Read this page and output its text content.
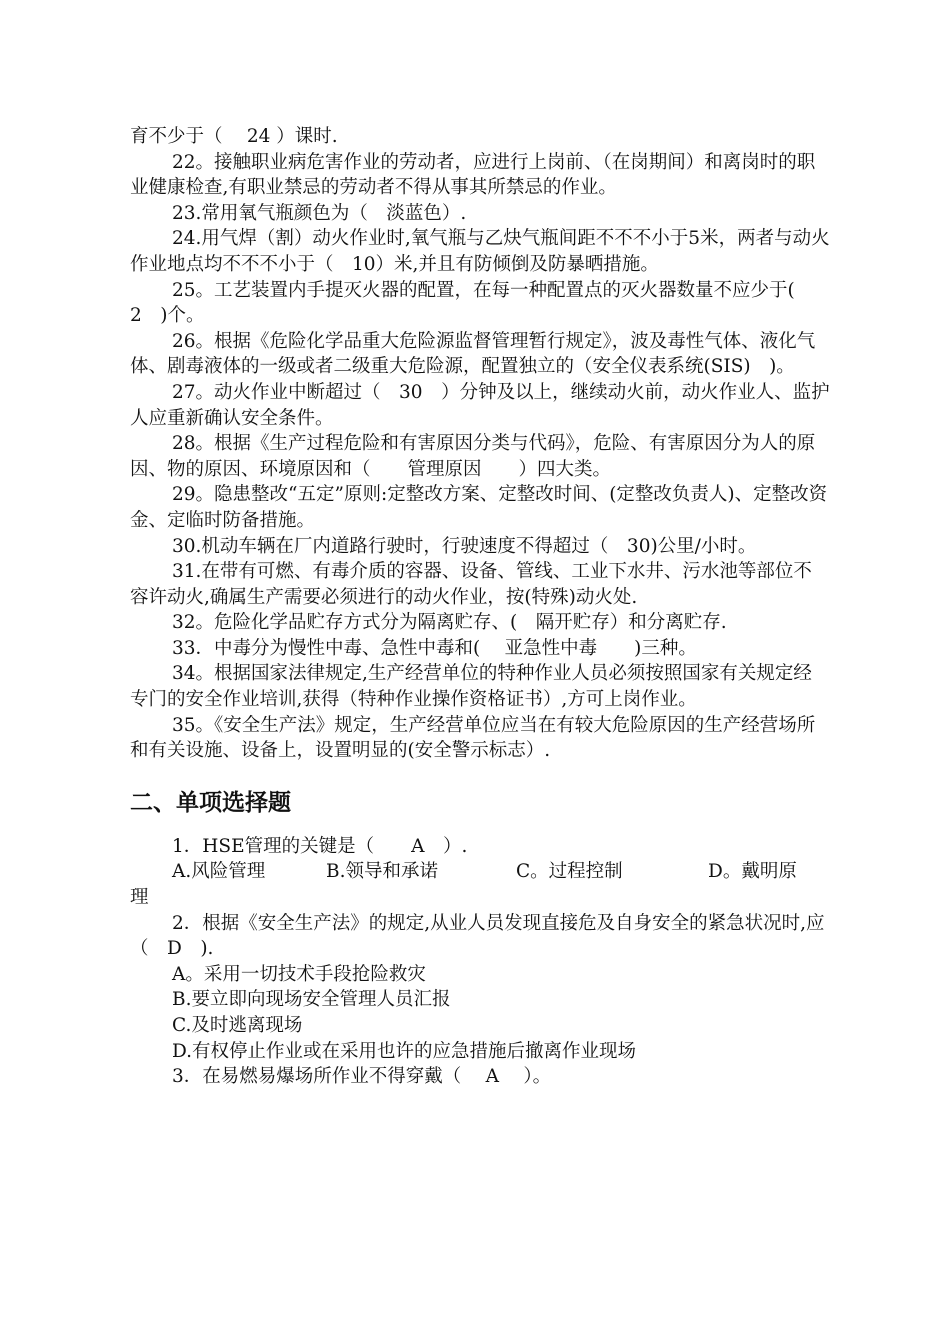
育不少于（　 24 ）课时.

22。接触职业病危害作业的劳动者，应进行上岗前、（在岗期间）和离岗时的职业健康检查,有职业禁忌的劳动者不得从事其所禁忌的作业。

23.常用氧气瓶颜色为（　淡蓝色）.

24.用气焊（割）动火作业时,氧气瓶与乙炔气瓶间距不不不小于5米，两者与动火作业地点均不不不小于（　10）米,并且有防倾倒及防暴晒措施。

25。工艺装置内手提灭火器的配置，在每一种配置点的灭火器数量不应少于(　2　)个。

26。根据《危险化学品重大危险源监督管理暂行规定》，波及毒性气体、液化气体、剧毒液体的一级或者二级重大危险源，配置独立的（安全仪表系统(SIS)　)。

27。动火作业中断超过（　30　）分钟及以上，继续动火前，动火作业人、监护人应重新确认安全条件。

28。根据《生产过程危险和有害原因分类与代码》，危险、有害原因分为人的原因、物的原因、环境原因和（　　管理原因　　）四大类。

29。隐患整改“五定”原则:定整改方案、定整改时间、(定整改负责人)、定整改资金、定临时防备措施。

30.机动车辆在厂内道路行驶时，行驶速度不得超过（　30)公里/小时。

31.在带有可燃、有毒介质的容器、设备、管线、工业下水井、污水池等部位不容许动火,确属生产需要必须进行的动火作业，按(特殊)动火处.

32。危险化学品贮存方式分为隔离贮存、(　隔开贮存）和分离贮存.

33．中毒分为慢性中毒、急性中毒和(　 亚急性中毒　　)三种。

34。根据国家法律规定,生产经营单位的特种作业人员必须按照国家有关规定经专门的安全作业培训,获得（特种作业操作资格证书）,方可上岗作业。

35。《安全生产法》规定，生产经营单位应当在有较大危险原因的生产经营场所和有关设施、设备上，设置明显的(安全警示标志）.

二、单项选择题

1．HSE管理的关键是（　　A　）.

A.风险管理

	B.领导和承诺

	C。过程控制

	D。戴明原

理

2．根据《安全生产法》的规定,从业人员发现直接危及自身安全的紧急状况时,应（　D　).

A。采用一切技术手段抢险救灾

B.要立即向现场安全管理人员汇报

C.及时逃离现场

D.有权停止作业或在采用也许的应急措施后撤离作业现场

3．在易燃易爆场所作业不得穿戴（　 A　 ）。
